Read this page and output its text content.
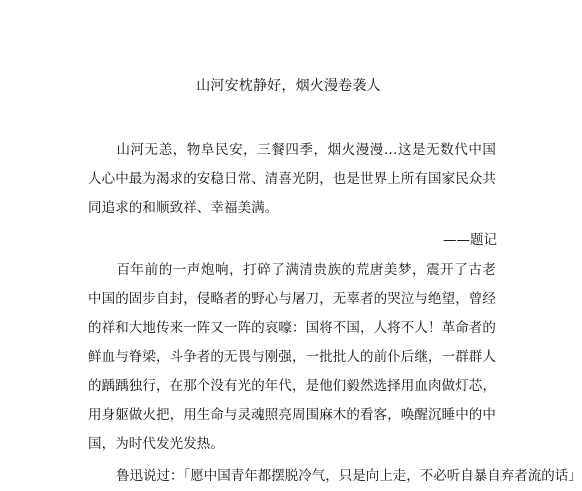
山河安枕静好，烟火漫卷袭人
山河无恙，物阜民安，三餐四季，烟火漫漫…这是无数代中国人心中最为渴求的安稳日常、清喜光阴，也是世界上所有国家民众共同追求的和顺致祥、幸福美满。
——题记
百年前的一声炮响，打碎了满清贵族的荒唐美梦，震开了古老中国的固步自封，侵略者的野心与屠刀，无辜者的哭泣与绝望，曾经的祥和大地传来一阵又一阵的哀嚎：国将不国，人将不人！革命者的鲜血与脊梁，斗争者的无畏与刚强，一批批人的前仆后继，一群群人的踽踽独行，在那个没有光的年代，是他们毅然选择用血肉做灯芯，用身躯做火把，用生命与灵魂照亮周围麻木的看客，唤醒沉睡中的中国，为时代发光发热。
鲁迅说过：「愿中国青年都摆脱冷气，只是向上走，不必听自暴自弃者流的话」
